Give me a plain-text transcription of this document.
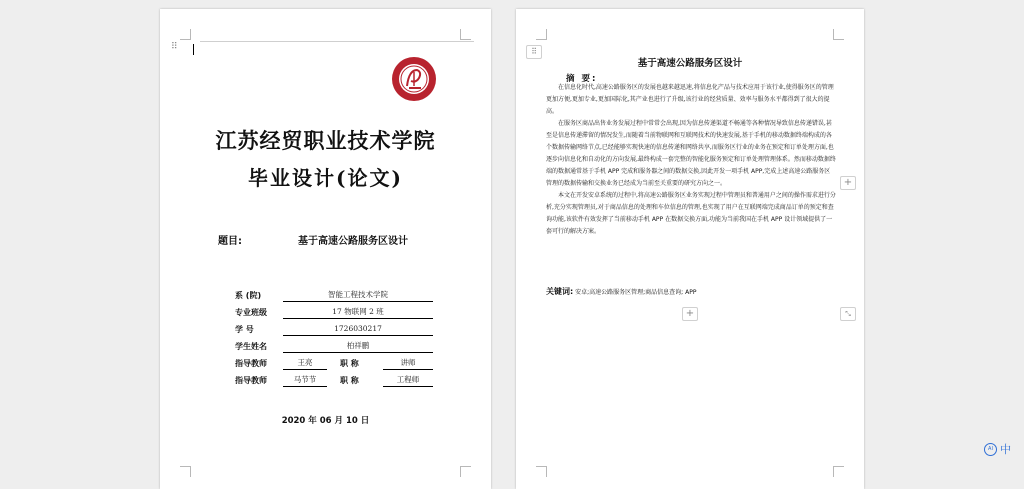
⠿
江苏经贸职业技术学院
毕业设计(论文)
题目:	基于高速公路服务区设计
系 (院)	智能工程技术学院
专业班级	17 物联网 2 班
学 号	1726030217
学生姓名	柏祥鹏
指导教师	王亮	职 称	讲师
指导教师	马节节	职 称	工程师
2020 年 06 月 10 日
⠿
基于高速公路服务区设计
摘 要:

在信息化时代,高速公路服务区的发展也越来越迅速,将信息化产品与技术应用于该行业,使得服务区的管理更加方便,更加专业,更加国际化,其产业也进行了升级,该行业的经营质量、效率与服务水平都得到了很大的提高。

在服务区商品出售业务发展过程中常常会出现,因为信息传递渠道不畅通等各种情况导致信息传递错误,甚至是信息传递滞留的情况发生,而随着当前物联网和互联网技术的快速发展,基于手机的移动数据终端构成的各个数据传输网络节点,已经能够实现快速的信息传递和网络共享,而服务区行业的业务在预定和订单处理方面,也逐步向信息化和自动化的方向发展,最终构成一套完整的智能化服务预定和订单处理管理体系。然而移动数据终端的数据通常基于手机 APP 完成和服务器之间的数据交换,因此开发一项手机 APP,完成上述高速公路服务区管理的数据传输和交换业务已经成为当前至关重要的研究方向之一。

本文在开发安卓系统的过程中,将高速公路服务区业务实现过程中管理员和普通用户之间的操作需求进行分析,充分实现管理员,对于商品信息的处理和车位信息的管理,也实现了用户在互联网端完成商品订单的预定和查询功能,该软件有效发挥了当前移动手机 APP 在数据交换方面,功能为当前我国在手机 APP 设计领域提供了一套可行的解决方案。

关键词: 安卓;高速公路服务区管理;商品信息查询; APP
+
+
⤡
AI 中
